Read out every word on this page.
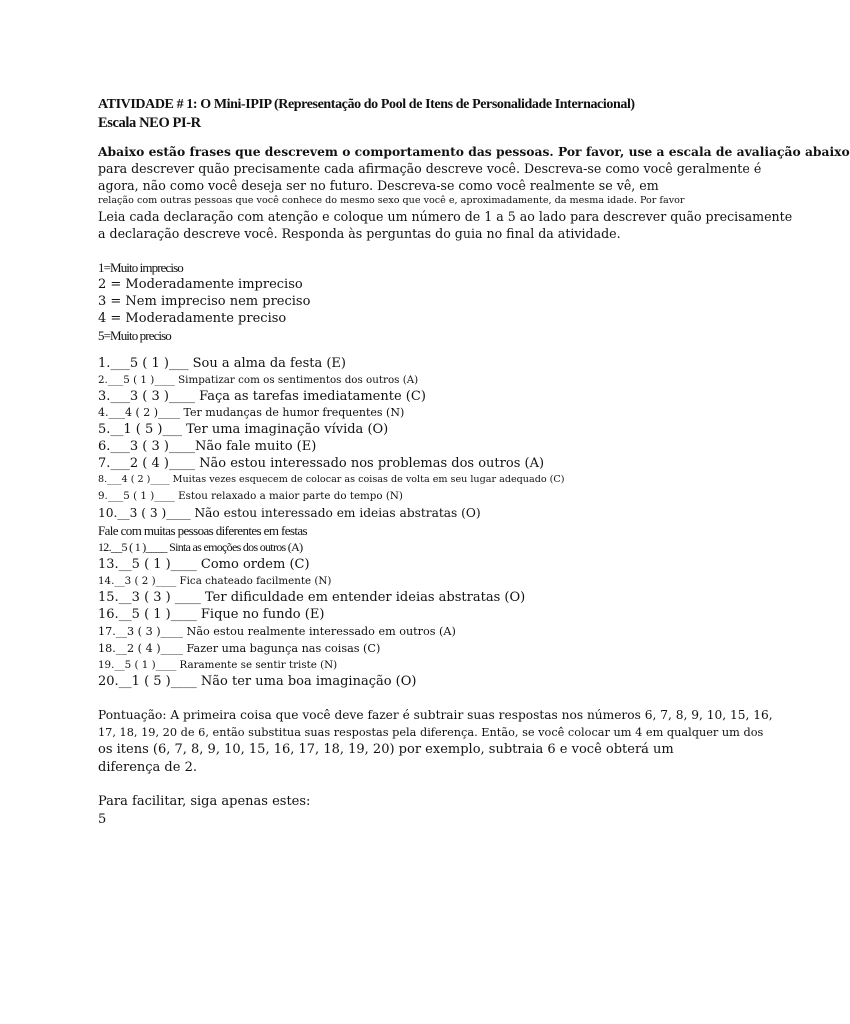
ATIVIDADE # 1: O Mini-IPIP (Representação do Pool de Itens de Personalidade Internacional)
Escala NEO PI-R
Abaixo estão frases que descrevem o comportamento das pessoas. Por favor, use a escala de avaliação abaixo
para descrever quão precisamente cada afirmação descreve você. Descreva-se como você geralmente é
agora, não como você deseja ser no futuro. Descreva-se como você realmente se vê, em
relação com outras pessoas que você conhece do mesmo sexo que você e, aproximadamente, da mesma idade. Por favor
Leia cada declaração com atenção e coloque um número de 1 a 5 ao lado para descrever quão precisamente
a declaração descreve você. Responda às perguntas do guia no final da atividade.
1=Muito impreciso
2 = Moderadamente impreciso
3 = Nem impreciso nem preciso
4 = Moderadamente preciso
5=Muito preciso
1.___5 ( 1 )___ Sou a alma da festa (E)
2.___5 ( 1 )____ Simpatizar com os sentimentos dos outros (A)
3.___3 ( 3 )____ Faça as tarefas imediatamente (C)
4.___4 ( 2 )____ Ter mudanças de humor frequentes (N)
5.__1 ( 5 )___ Ter uma imaginação vívida (O)
6.___3 ( 3 )____Não fale muito (E)
7.___2 ( 4 )____ Não estou interessado nos problemas dos outros (A)
8.___4 ( 2 )____ Muitas vezes esquecem de colocar as coisas de volta em seu lugar adequado (C)
9.___5 ( 1 )____ Estou relaxado a maior parte do tempo (N)
10.__3 ( 3 )____ Não estou interessado em ideias abstratas (O)
Fale com muitas pessoas diferentes em festas
12.__5 ( 1 )____ Sinta as emoções dos outros (A)
13.__5 ( 1 )____ Como ordem (C)
14.__3 ( 2 )____ Fica chateado facilmente (N)
15.__3 ( 3 ) ____ Ter dificuldade em entender ideias abstratas (O)
16.__5 ( 1 )____ Fique no fundo (E)
17.__3 ( 3 )____ Não estou realmente interessado em outros (A)
18.__2 ( 4 )____ Fazer uma bagunça nas coisas (C)
19.__5 ( 1 )____ Raramente se sentir triste (N)
20.__1 ( 5 )____ Não ter uma boa imaginação (O)
Pontuação: A primeira coisa que você deve fazer é subtrair suas respostas nos números 6, 7, 8, 9, 10, 15, 16,
17, 18, 19, 20 de 6, então substitua suas respostas pela diferença. Então, se você colocar um 4 em qualquer um dos
os itens (6, 7, 8, 9, 10, 15, 16, 17, 18, 19, 20) por exemplo, subtraia 6 e você obterá um
diferença de 2.
Para facilitar, siga apenas estes:
5
